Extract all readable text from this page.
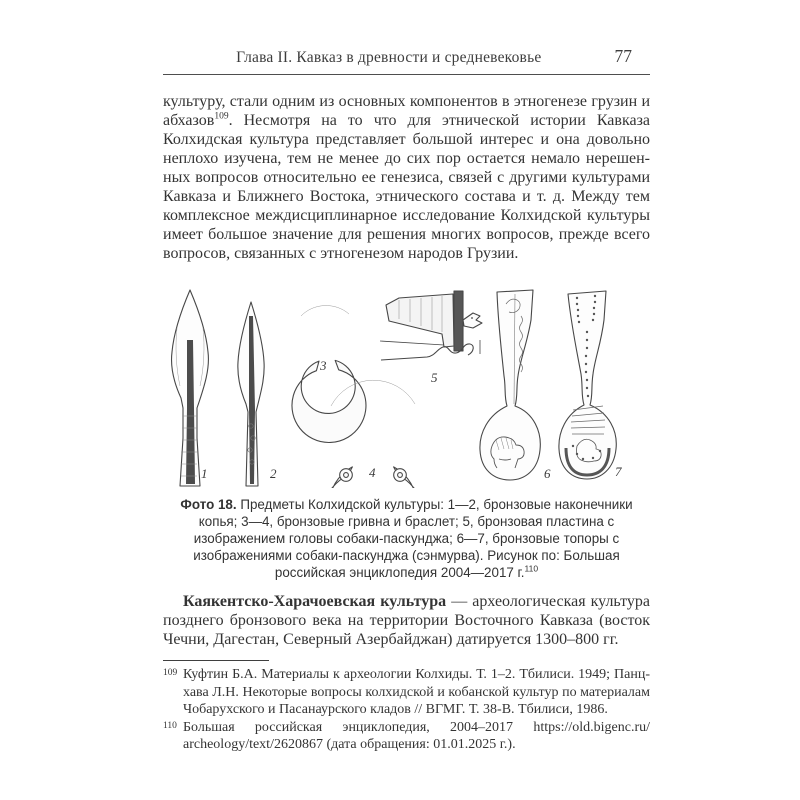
Глава II. Кавказ в древности и средневековье	77

культуру, стали одним из основных компонентов в этногенезе грузин и абхазов$^{109}$. Несмотря на то что для этнической истории Кавказа Колхидская культура представляет большой интерес и она довольно неплохо изучена, тем не менее до сих пор остается немало нерешенных вопросов относительно ее генезиса, связей с другими культурами Кавказа и Ближнего Востока, этнического состава и т. д. Между тем комплексное междисциплинарное исследование Колхидской культуры имеет большое значение для решения многих вопросов, прежде всего вопросов, связанных с этногенезом народов Грузии.

1	2
3
4
5
6	7
Фото 18. Предметы Колхидской культуры: 1—2, бронзовые наконечники копья; 3—4, бронзовые гривна и браслет; 5, бронзовая пластина с изображением головы собаки-паскунджа; 6—7, бронзовые топоры с изображениями собаки-паскунджа (сэнмурва). Рисунок по: Большая российская энциклопедия 2004—2017 г.$^{110}$

Каякентско-Харачоевская культура — археологическая культура позднего бронзового века на территории Восточного Кавказа (восток Чечни, Дагестан, Северный Азербайджан) датируется 1300–800 гг.

109 Куфтин Б.А. Материалы к археологии Колхиды. Т. 1–2. Тбилиси. 1949; Панцхава Л.Н. Некоторые вопросы колхидской и кобанской культур по материалам Чобарухского и Пасанаурского кладов // ВГМГ. Т. 38-В. Тбилиси, 1986.
110 Большая российская энциклопедия, 2004–2017 https://old.bigenc.ru/​archeology/text/2620867 (дата обращения: 01.01.2025 г.).
